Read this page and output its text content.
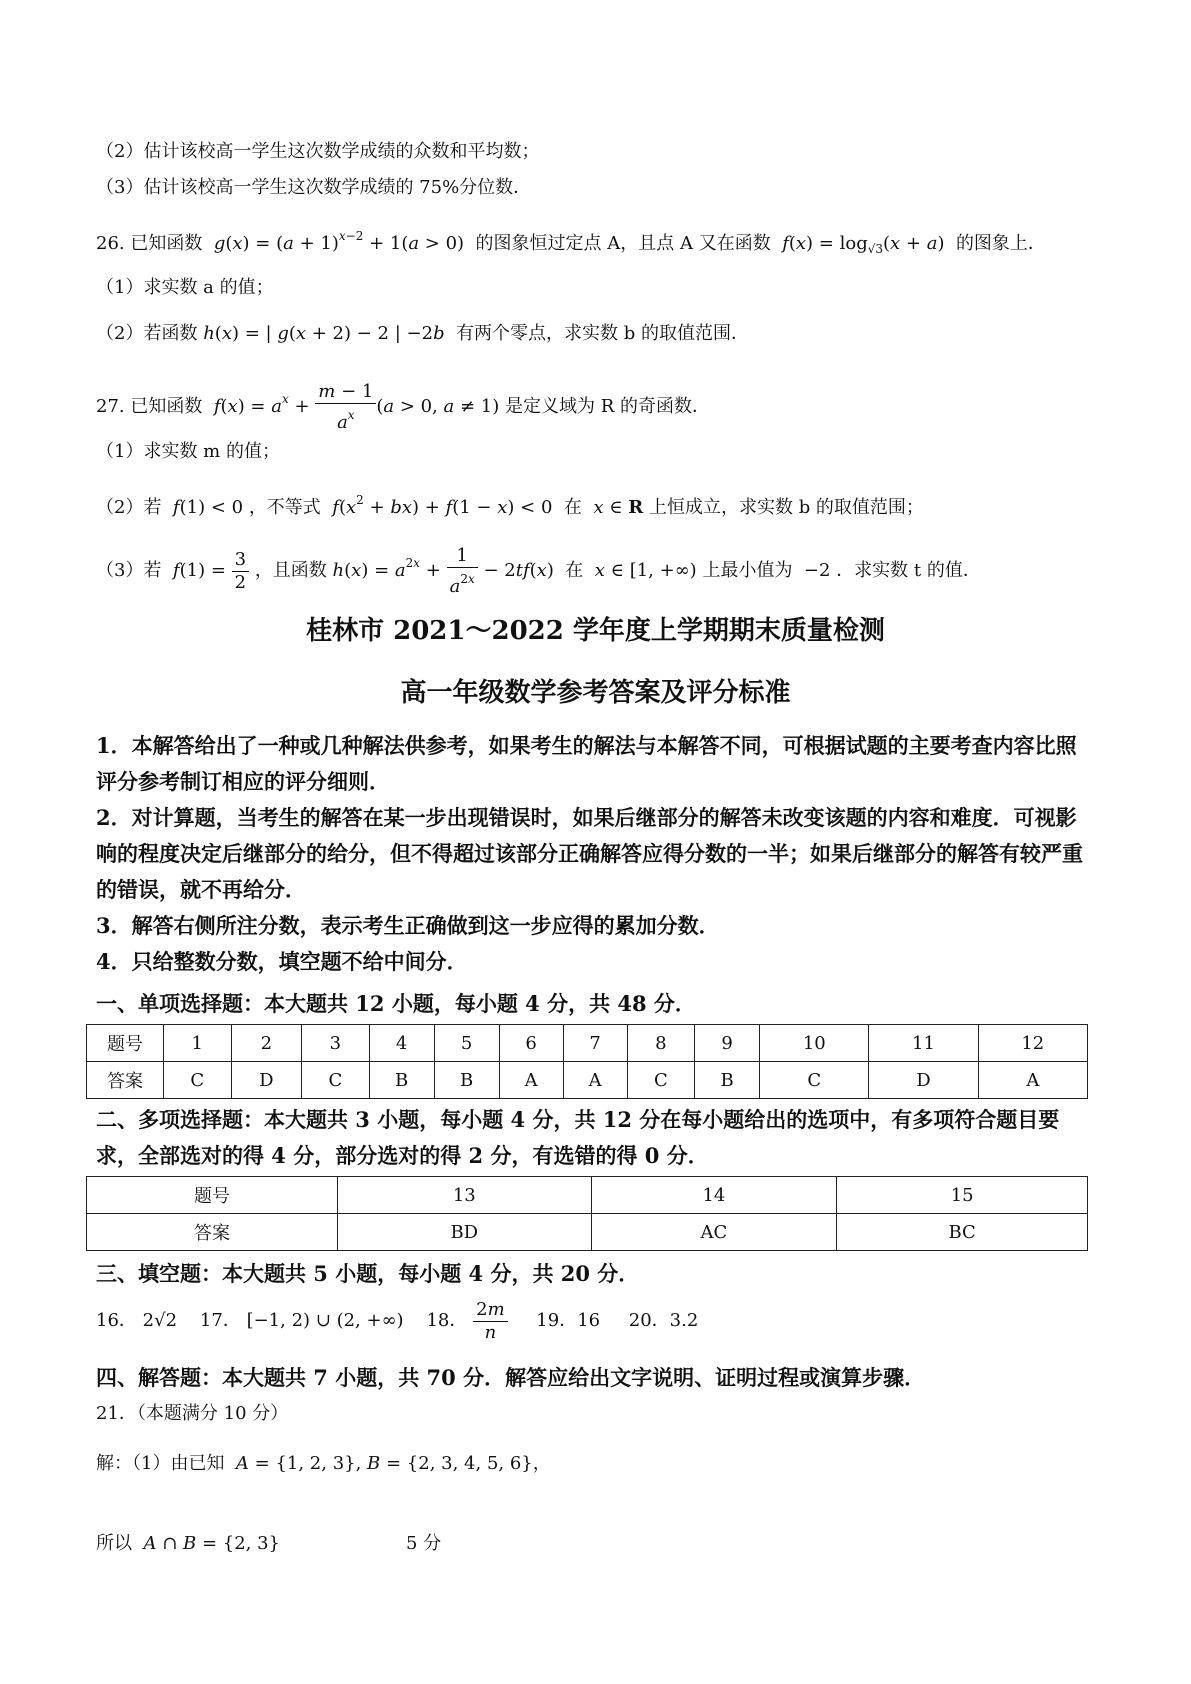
（2）估计该校高一学生这次数学成绩的众数和平均数；
（3）估计该校高一学生这次数学成绩的 75%分位数．
26. 已知函数 $g(x) = (a + 1)^{x-2} + 1(a > 0)$  的图象恒过定点 A，且点 A 又在函数 $f(x) = \log_{√3}(x + a)$  的图象上．
（1）求实数 a 的值；
（2）若函数 h(x) = | g(x + 2) − 2 | −2b 有两个零点，求实数 b 的取值范围．
27. 已知函数 $f(x) = a^x + \frac{m - 1}{a^x} (a > 0$, a ≠ 1) 是定义域为 R 的奇函数．
（1）求实数 m 的值；
（2）若 f(1) < 0 ，不等式 $f(x^2 + bx) + f(1 - x) < 0$  在 x ∈ R 上恒成立，求实数 b 的取值范围；
（3）若 $f(1) = \frac{3}{2}$ ，且函数 $h(x) = a^{2x} + \frac{1}{a^{2x}} - 2tf(x)$  在 x ∈ [1, +∞) 上最小值为  −2 ．求实数 t 的值．
桂林市 2021～2022 学年度上学期期末质量检测
高一年级数学参考答案及评分标准
1．本解答给出了一种或几种解法供参考，如果考生的解法与本解答不同，可根据试题的主要考查内容比照评分参考制订相应的评分细则．
2．对计算题，当考生的解答在某一步出现错误时，如果后继部分的解答未改变该题的内容和难度．可视影响的程度决定后继部分的给分，但不得超过该部分正确解答应得分数的一半；如果后继部分的解答有较严重的错误，就不再给分．
3．解答右侧所注分数，表示考生正确做到这一步应得的累加分数．
4．只给整数分数，填空题不给中间分．
一、单项选择题：本大题共 12 小题，每小题 4 分，共 48 分．
题号	1	2	3	4	5	6	7	8	9	10	11	12
答案	C	D	C	B	B	A	A	C	B	C	D	A
二、多项选择题：本大题共 3 小题，每小题 4 分，共 12 分在每小题给出的选项中，有多项符合题目要求，全部选对的得 4 分，部分选对的得 2 分，有选错的得 0 分．
题号	13	14	15
答案	BD	AC	BC
三、填空题：本大题共 5 小题，每小题 4 分，共 20 分．
16． 2√2    17． [−1, 2) ∪ (2, +∞)    18． $\frac{2m}{n} 19$．16 20．3.2
四、解答题：本大题共 7 小题，共 70 分．解答应给出文字说明、证明过程或演算步骤．
21．（本题满分 10 分）
解：（1）由已知 A = {1, 2, 3}, B = {2, 3, 4, 5, 6}，
所以 A ∩ B = {2, 3}	5 分
